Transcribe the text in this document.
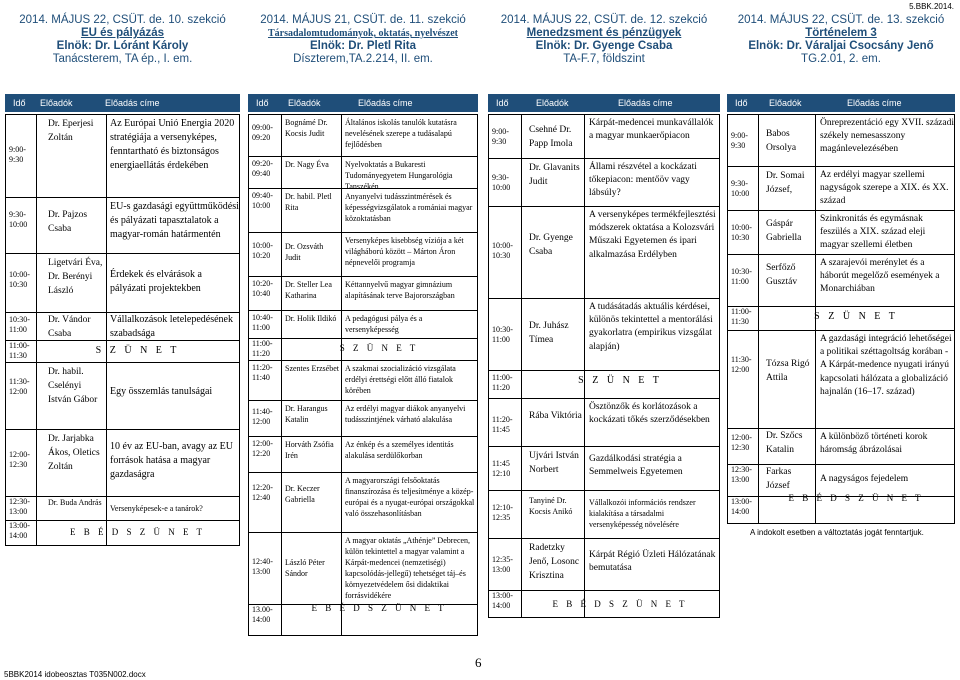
5.BBK.2014.
2014. MÁJUS 22, CSÜT. de. 10. szekció
EU és pályázás
Elnök: Dr. Lóránt Károly
Tanácsterem, TA ép., I. em.
Idő Előadók	Előadás címe
9:00- 9:30
Dr. Eperjesi Zoltán
Az Európai Unió Energia 2020 stratégiája a versenyképes, fenntartható és biztonságos energiaellátás érdekében
9:30- 10:00
Dr. Pajzos Csaba
EU-s gazdasági együttműködési és pályázati tapasztalatok a magyar-román határmentén
10:00- 10:30
Ligetvári Éva, Dr. Berényi László
Érdekek és elvárások a pályázati projektekben
10:30- 11:00
Dr. Vándor Csaba
Vállalkozások letelepedésének szabadsága
11:00- 11:30	S Z Ü N E T
11:30- 12:00
Dr. habil. Cselényi István Gábor
Egy összemlás tanulságai
12:00- 12:30
Dr. Jarjabka Ákos, Oletics Zoltán
10 év az EU-ban, avagy az EU források hatása a magyar gazdaságra
12:30- 13:00
Dr. Buda András
Versenyképesek-e a tanárok?
13:00- 14:00	E B É D S Z Ü N E T
2014. MÁJUS 21, CSÜT. de. 11. szekció
Társadalomtudományok, oktatás, nyelvészet
Elnök: Dr. Pletl Rita
Díszterem,TA.2.214, II. em.
Idő Előadók	Előadás címe
09:00- 09:20
Bognámé Dr. Kocsis Judit
Általános iskolás tanulók kutatásra nevelésének szerepe a tudásalapú fejlődésben
09:20- 09:40
Dr. Nagy Éva	Nyelvoktatás a Bukaresti Tudományegyetem Hungarológia Tanszékén
09:40- 10:00
Dr. habil. Pletl Rita
Anyanyelvi tudásszintmérések és képességvizsgálatok a romániai magyar közoktatásban
10:00- 10:20
Dr. Ozsváth Judit
Versenyképes kisebbség víziója a két világháború között – Márton Áron népnevelői programja
10:20- 10:40
Dr. Steller Lea Katharina
Kéttannyelvű magyar gimnázium alapításának terve Bajorországban
10:40- 11:00
Dr. Holik Ildikó	A pedagógusi pálya és a versenyképesség
11:00- 11:20
S Z Ü N E T
11:20- 11:40
Szentes Erzsébet A szakmai szocializáció vizsgálata erdélyi érettségi előtt álló fiatalok körében
11:40- 12:00
Dr. Harangus Katalin
Az erdélyi magyar diákok anyanyelvi tudásszintjének várható alakulása
12:00- 12:20
Horváth Zsófia Irén
Az énkép és a személyes identitás alakulása serdülőkorban
12:20- 12:40
Dr. Keczer Gabriella
A magyarországi felsőoktatás finanszírozása és teljesítménye a közép-európai és a nyugat-európai országokkal való összehasonlításban
12:40- 13:00
László Péter Sándor
A magyar oktatás „Athénje” Debrecen, külön tekintettel a magyar valamint a Kárpát-medencei (nemzetiségi) kapcsolódás-jellegű) tehetséget táj–és környezetvédelem ősi didaktikai forrásvidékére
13.00- 14:00
E B É D S Z Ü N E T
2014. MÁJUS 22, CSÜT. de. 12. szekció
Menedzsment és pénzügyek
Elnök: Dr. Gyenge Csaba
TA-F.7, földszint
Idő	Előadók	Előadás címe
9:00- 9:30
Csehné Dr. Papp Imola
Kárpát-medencei munkavállalók a magyar munkaerőpiacon
9:30- 10:00
Dr. Glavanits Judit
Állami részvétel a kockázati tőkepiacon: mentőöv vagy lábsúly?
10:00- 10:30
Dr. Gyenge Csaba
A versenyképes termékfejlesztési módszerek oktatása a Kolozsvári Műszaki Egyetemen és ipari alkalmazása Erdélyben
10:30- 11:00
Dr. Juhász Tímea
A tudásátadás aktuális kérdései, különös tekintettel a mentorálási gyakorlatra (empirikus vizsgálat alapján)
11:00- 11:20
S Z Ü N E T
11:20- 11:45
Rába Viktória
Ösztönzők és korlátozások a kockázati tőkés szerződésekben
11:45 12:10
Ujvári István Norbert
Gazdálkodási stratégia a Semmelweis Egyetemen
12:10- 12:35
Tanyiné Dr. Kocsis Anikó
Vállalkozói információs rendszer kialakítása a társadalmi versenyképesség növelésére
12:35- 13:00
Radetzky Jenő, Losonc Krisztina
Kárpát Régió Üzleti Hálózatának bemutatása
13:00- 14:00	E B É D S Z Ü N E T
2014. MÁJUS 22, CSÜT. de. 13. szekció
Történelem 3
Elnök: Dr. Váraljai Csocsány Jenő
TG.2.01, 2. em.
Idő Előadók	Előadás címe
9:00- 9:30
Babos Orsolya
Önreprezentáció egy XVII. századi székely nemesasszony magánlevelezésében
9:30- 10:00
Dr. Somai József,
Az erdélyi magyar szellemi nagyságok szerepe a XIX. és XX. század
10:00- 10:30
Gáspár Gabriella
Szinkronitás és egymásnak feszülés a XIX. század eleji magyar szellemi életben
10:30- 11:00
Serfőző Gusztáv
A szarajevói merénylet és a háborút megelőző események a Monarchiában
11:00- 11:30	S Z Ü N E T
11:30- 12:00
Tózsa Rigó Attila
A gazdasági integráció lehetőségei a politikai széttagoltság korában -A Kárpát-medence nyugati irányú kapcsolati hálózata a globalizáció hajnalán (16–17. század)
12:00- 12:30
Dr. Szőcs Katalin
A különböző történeti korok háromság ábrázolásai
12:30- 13:00
Farkas József
A nagyságos fejedelem
13:00- 14:00
E B É D S Z Ü N E T
A indokolt esetben a változtatás jogát fenntartjuk.
6
5BBK2014 idobeosztas T035N002.docx
